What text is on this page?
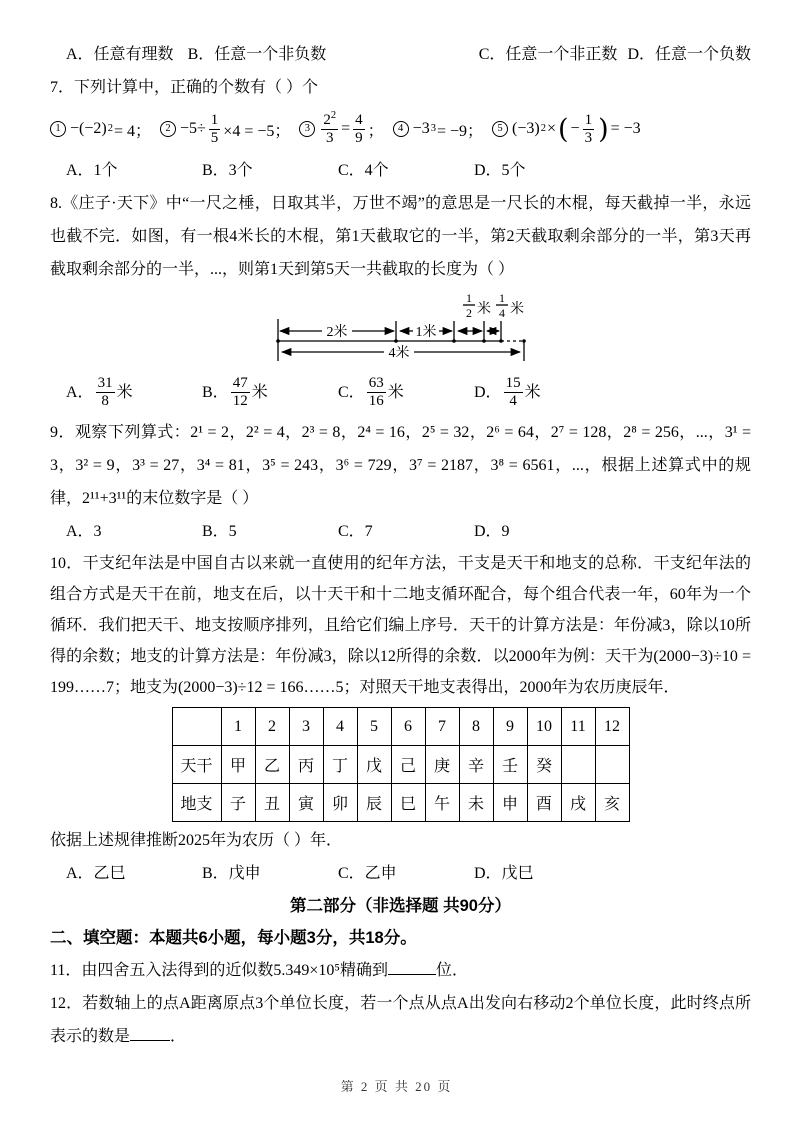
A．任意有理数 B．任意一个非负数	C．任意一个非正数 D．任意一个负数
7．下列计算中，正确的个数有（ ）个
1 −(−2) 2 = 4；	$2 -5\div \frac{1}{5} \times 4 = -5$；	$3 \frac{2^2}{3} = \frac{4}{9}$ ；	4 −3 3 = −9；	5 (−3) 2 × ( − $\frac{1}{3}$ ) = −3
A．1个	B．3个	C．4个	D．5个
8.《庄子·天下》中“一尺之棰，日取其半，万世不竭”的意思是一尺长的木棍，每天截掉一半，永远也截不完．如图，有一根4米长的木棍，第1天截取它的一半，第2天截取剩余部分的一半，第3天再截取剩余部分的一半，...，则第1天到第5天一共截取的长度为（ ）
2米	1米
1
2 米
1
4 米
4米
A． $\frac{31}{8}$ 米	B． $\frac{47}{12}$ 米	C． $\frac{63}{16}$ 米	D． $\frac{15}{4}$ 米
9．观察下列算式：2¹ = 2，2² = 4，2³ = 8，2⁴ = 16，2⁵ = 32，2⁶ = 64，2⁷ = 128，2⁸ = 256，...，3¹ = 3，3² = 9，3³ = 27，3⁴ = 81，3⁵ = 243，3⁶ = 729，3⁷ = 2187，3⁸ = 6561，...，根据上述算式中的规律，2¹¹+3¹¹的末位数字是（ ）
A．3	B．5	C．7	D．9
10．干支纪年法是中国自古以来就一直使用的纪年方法，干支是天干和地支的总称．干支纪年法的组合方式是天干在前，地支在后，以十天干和十二地支循环配合，每个组合代表一年，60年为一个循环．我们把天干、地支按顺序排列，且给它们编上序号．天干的计算方法是：年份减3，除以10所得的余数；地支的计算方法是：年份减3，除以12所得的余数．以2000年为例：天干为(2000−3)÷10 = 199……7；地支为(2000−3)÷12 = 166……5；对照天干地支表得出，2000年为农历庚辰年．
	1	2	3	4	5	6	7	8	9	10	11	12
天干	甲	乙	丙	丁	戊	己	庚	辛	壬	癸		
地支	子	丑	寅	卯	辰	巳	午	未	申	酉	戌	亥
依据上述规律推断2025年为农历（ ）年．
A．乙巳	B．戊申	C．乙申	D．戊巳
第二部分（非选择题 共90分）
二、填空题：本题共6小题，每小题3分，共18分。
11．由四舍五入法得到的近似数5.349×10⁵精确到	位．
12．若数轴上的点A距离原点3个单位长度，若一个点从点A出发向右移动2个单位长度，此时终点所表示的数是	．
第 2 页 共 20 页
